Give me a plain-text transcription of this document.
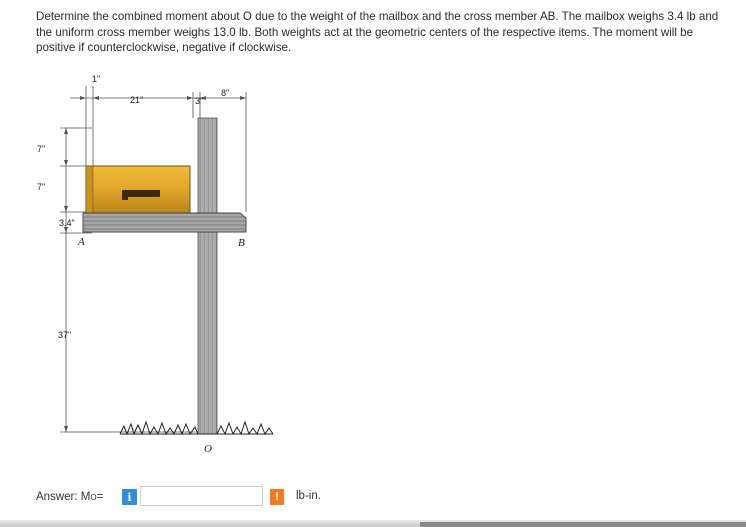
Determine the combined moment about O due to the weight of the mailbox and the cross member AB. The mailbox weighs 3.4 lb and the uniform cross member weighs 13.0 lb. Both weights act at the geometric centers of the respective items. The moment will be positive if counterclockwise, negative if clockwise.
1"
21"	3"
8"
7"
7"
3.4"
37"
A	B
O
Answer: M O =	i	!	lb-in.
